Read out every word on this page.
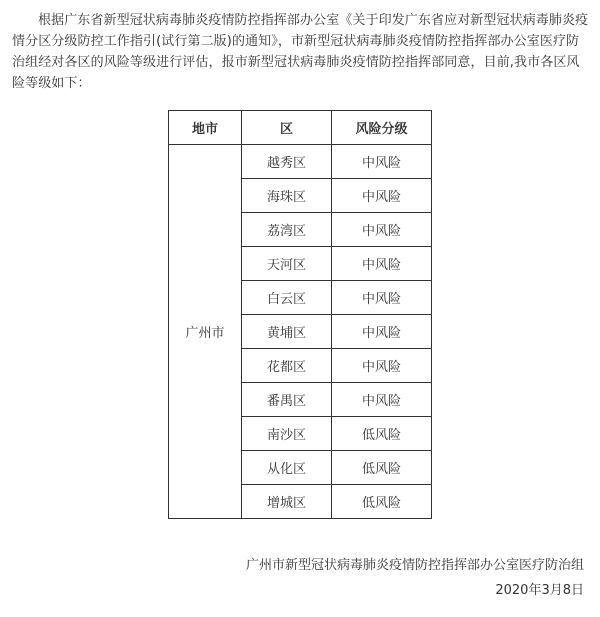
根据广东省新型冠状病毒肺炎疫情防控指挥部办公室《关于印发广东省应对新型冠状病毒肺炎疫情分区分级防控工作指引(试行第二版)的通知》，市新型冠状病毒肺炎疫情防控指挥部办公室医疗防治组经对各区的风险等级进行评估，报市新型冠状病毒肺炎疫情防控指挥部同意，目前,我市各区风险等级如下：

地市	区	风险分级
广州市	越秀区	中风险
	海珠区	中风险
	荔湾区	中风险
	天河区	中风险
	白云区	中风险
	黄埔区	中风险
	花都区	中风险
	番禺区	中风险
	南沙区	低风险
	从化区	低风险
	增城区	低风险
广州市新型冠状病毒肺炎疫情防控指挥部办公室医疗防治组
2020年3月8日
